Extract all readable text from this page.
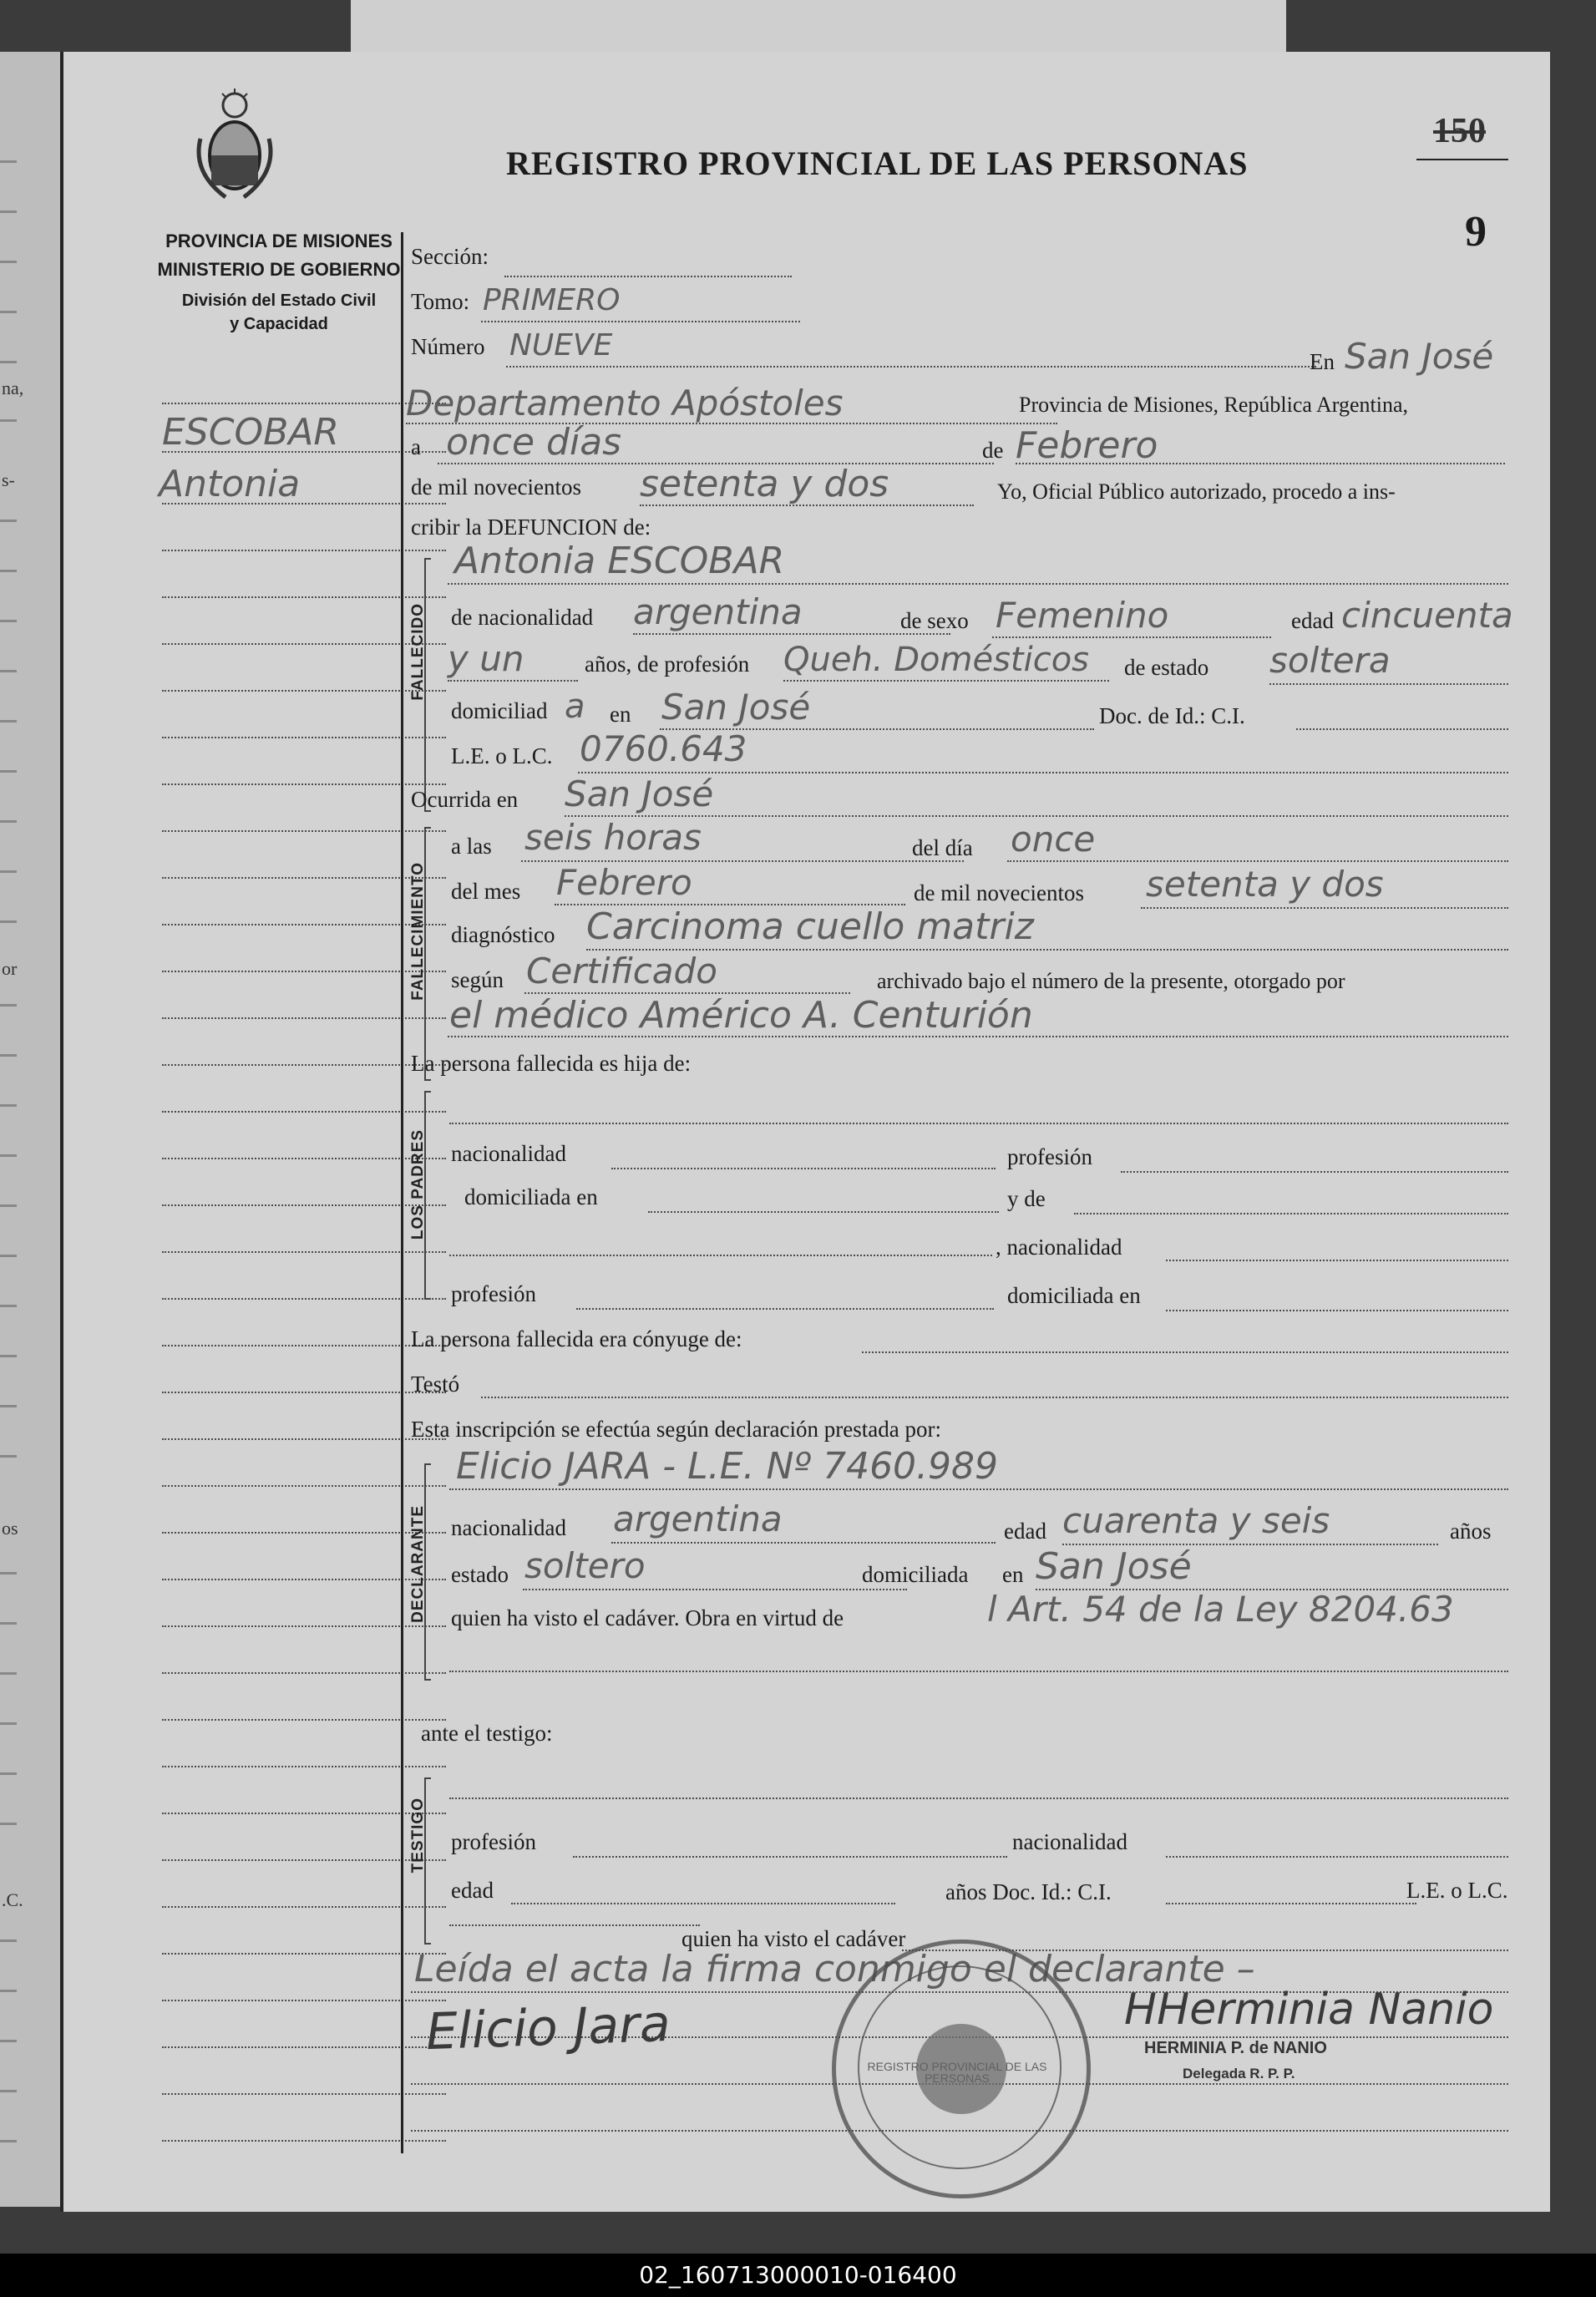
na,
s-
or
os
.C.
REGISTRO PROVINCIAL DE LAS PERSONAS
150
9
PROVINCIA DE MISIONES
MINISTERIO DE GOBIERNO
División del Estado Civil
y Capacidad
ESCOBAR
Antonia
Sección:
Tomo: PRIMERO
Número NUEVE	En San José
Departamento Apóstoles	Provincia de Misiones, República Argentina,
a once días	de Febrero
de mil novecientos setenta y dos	Yo, Oficial Público autorizado, procedo a ins-
cribir la DEFUNCION de:
FALLECIDO
Antonia ESCOBAR
de nacionalidad argentina	de sexo Femenino	edad cincuenta
y un	años, de profesión Queh. Domésticos de estado soltera
domiciliad a en San José	Doc. de Id.: C.I.
L.E. o L.C. 0760.643
Ocurrida en San José
FALLECIMIENTO
a las seis horas	del día once
del mes Febrero	de mil novecientos setenta y dos
diagnóstico Carcinoma cuello matriz
según Certificado	archivado bajo el número de la presente, otorgado por
el médico Américo A. Centurión
La persona fallecida es hija de:
LOS PADRES nacionalidad	profesión
domiciliada en	y de
, nacionalidad
profesión	domiciliada en
La persona fallecida era cónyuge de:
Testó
Esta inscripción se efectúa según declaración prestada por:
DECLARANTE
Elicio JARA - L.E. Nº 7460.989
nacionalidad argentina	edad cuarenta y seis	años
estado soltero	domiciliada en San José
quien ha visto el cadáver. Obra en virtud de	l Art. 54 de la Ley 8204.63
ante el testigo:
TESTIGO profesión	nacionalidad
edad	años Doc. Id.: C.I.	L.E. o L.C.
quien ha visto el cadáver
Leída el acta la firma conmigo el declarante –
Elicio Jara	HHerminia Nanio
HERMINIA P. de NANIO
Delegada R. P. P.
REGISTRO PROVINCIAL DE LAS PERSONAS
02_160713000010-016400
